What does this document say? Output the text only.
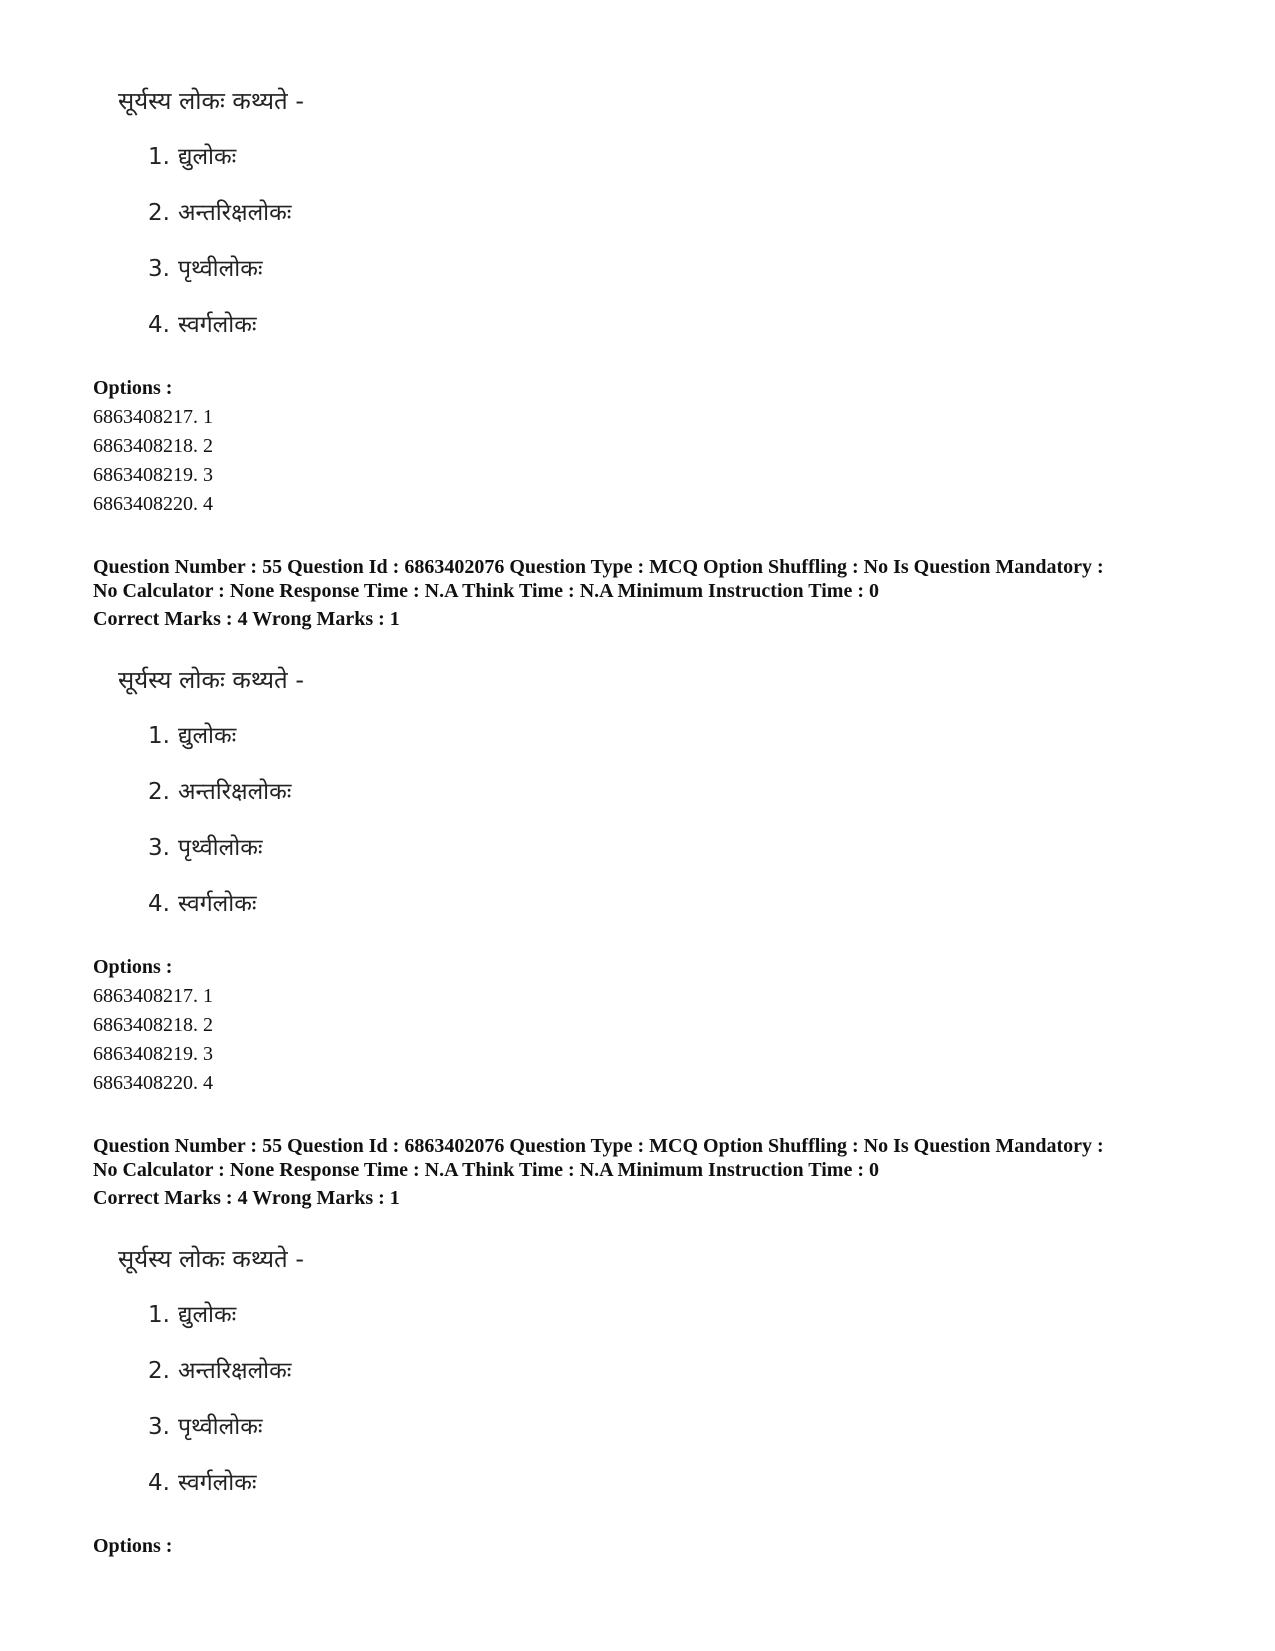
सूर्यस्य लोकः कथ्यते -
1. द्युलोकः
2. अन्तरिक्षलोकः
3. पृथ्वीलोकः
4. स्वर्गलोकः
Options :
6863408217. 1
6863408218. 2
6863408219. 3
6863408220. 4

Question Number : 55 Question Id : 6863402076 Question Type : MCQ Option Shuffling : No Is Question Mandatory :

No Calculator : None Response Time : N.A Think Time : N.A Minimum Instruction Time : 0

Correct Marks : 4 Wrong Marks : 1

सूर्यस्य लोकः कथ्यते -
1. द्युलोकः
2. अन्तरिक्षलोकः
3. पृथ्वीलोकः
4. स्वर्गलोकः
Options :
6863408217. 1
6863408218. 2
6863408219. 3
6863408220. 4

Question Number : 55 Question Id : 6863402076 Question Type : MCQ Option Shuffling : No Is Question Mandatory :

No Calculator : None Response Time : N.A Think Time : N.A Minimum Instruction Time : 0

Correct Marks : 4 Wrong Marks : 1

सूर्यस्य लोकः कथ्यते -
1. द्युलोकः
2. अन्तरिक्षलोकः
3. पृथ्वीलोकः
4. स्वर्गलोकः
Options :
